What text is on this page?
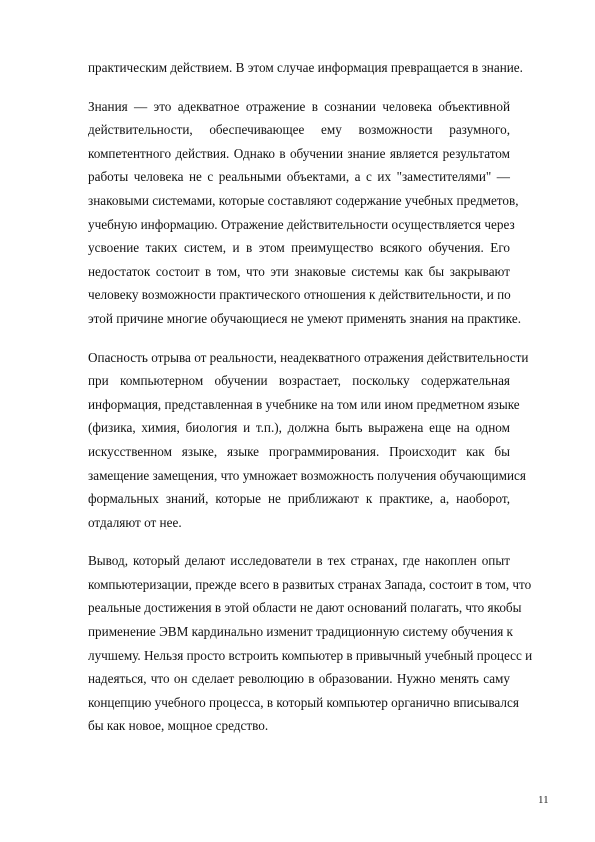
практическим действием. В этом случае информация превращается в знание.

Знания — это адекватное отражение в сознании человека объективной
действительности, обеспечивающее ему возможности разумного,
компетентного действия. Однако в обучении знание является результатом
работы человека не с реальными объектами, а с их "заместителями" —
знаковыми системами, которые составляют содержание учебных предметов,
учебную информацию. Отражение действительности осуществляется через
усвоение таких систем, и в этом преимущество всякого обучения. Его
недостаток состоит в том, что эти знаковые системы как бы закрывают
человеку возможности практического отношения к действительности, и по
этой причине многие обучающиеся не умеют применять знания на практике.

Опасность отрыва от реальности, неадекватного отражения действительности
при компьютерном обучении возрастает, поскольку содержательная
информация, представленная в учебнике на том или ином предметном языке
(физика, химия, биология и т.п.), должна быть выражена еще на одном
искусственном языке, языке программирования. Происходит как бы
замещение замещения, что умножает возможность получения обучающимися
формальных знаний, которые не приближают к практике, а, наоборот,
отдаляют от нее.

Вывод, который делают исследователи в тех странах, где накоплен опыт
компьютеризации, прежде всего в развитых странах Запада, состоит в том, что
реальные достижения в этой области не дают оснований полагать, что якобы
применение ЭВМ кардинально изменит традиционную систему обучения к
лучшему. Нельзя просто встроить компьютер в привычный учебный процесс и
надеяться, что он сделает революцию в образовании. Нужно менять саму
концепцию учебного процесса, в который компьютер органично вписывался
бы как новое, мощное средство.

11
